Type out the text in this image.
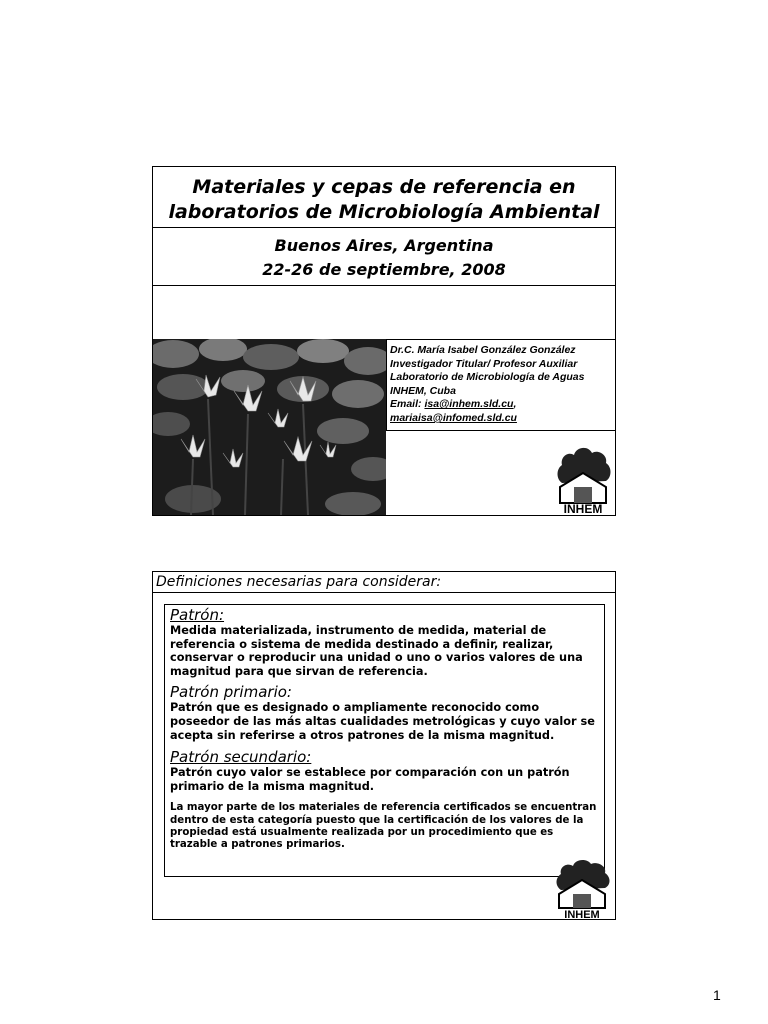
Materiales y cepas de referencia en
laboratorios de Microbiología Ambiental
Buenos Aires, Argentina
22-26 de septiembre, 2008
Dr.C. María Isabel González González
Investigador Titular/ Profesor Auxiliar
Laboratorio de Microbiología de Aguas
INHEM, Cuba
Email: isa@inhem.sld.cu,
mariaisa@infomed.sld.cu
INHEM
Definiciones necesarias para considerar:
Patrón:
Medida materializada, instrumento de medida, material de referencia o sistema de medida destinado a definir, realizar, conservar o reproducir una unidad o uno o varios valores de una magnitud para que sirvan de referencia.
Patrón primario:
Patrón que es designado o ampliamente reconocido como poseedor de las más altas cualidades metrológicas y cuyo valor se acepta sin referirse a otros patrones de la misma magnitud.
Patrón secundario:
Patrón cuyo valor se establece por comparación con un patrón primario de la misma magnitud.
La mayor parte de los materiales de referencia certificados se encuentran dentro de esta categoría puesto que la certificación de los valores de la propiedad está usualmente realizada por un procedimiento que es trazable a patrones primarios.
INHEM
1
